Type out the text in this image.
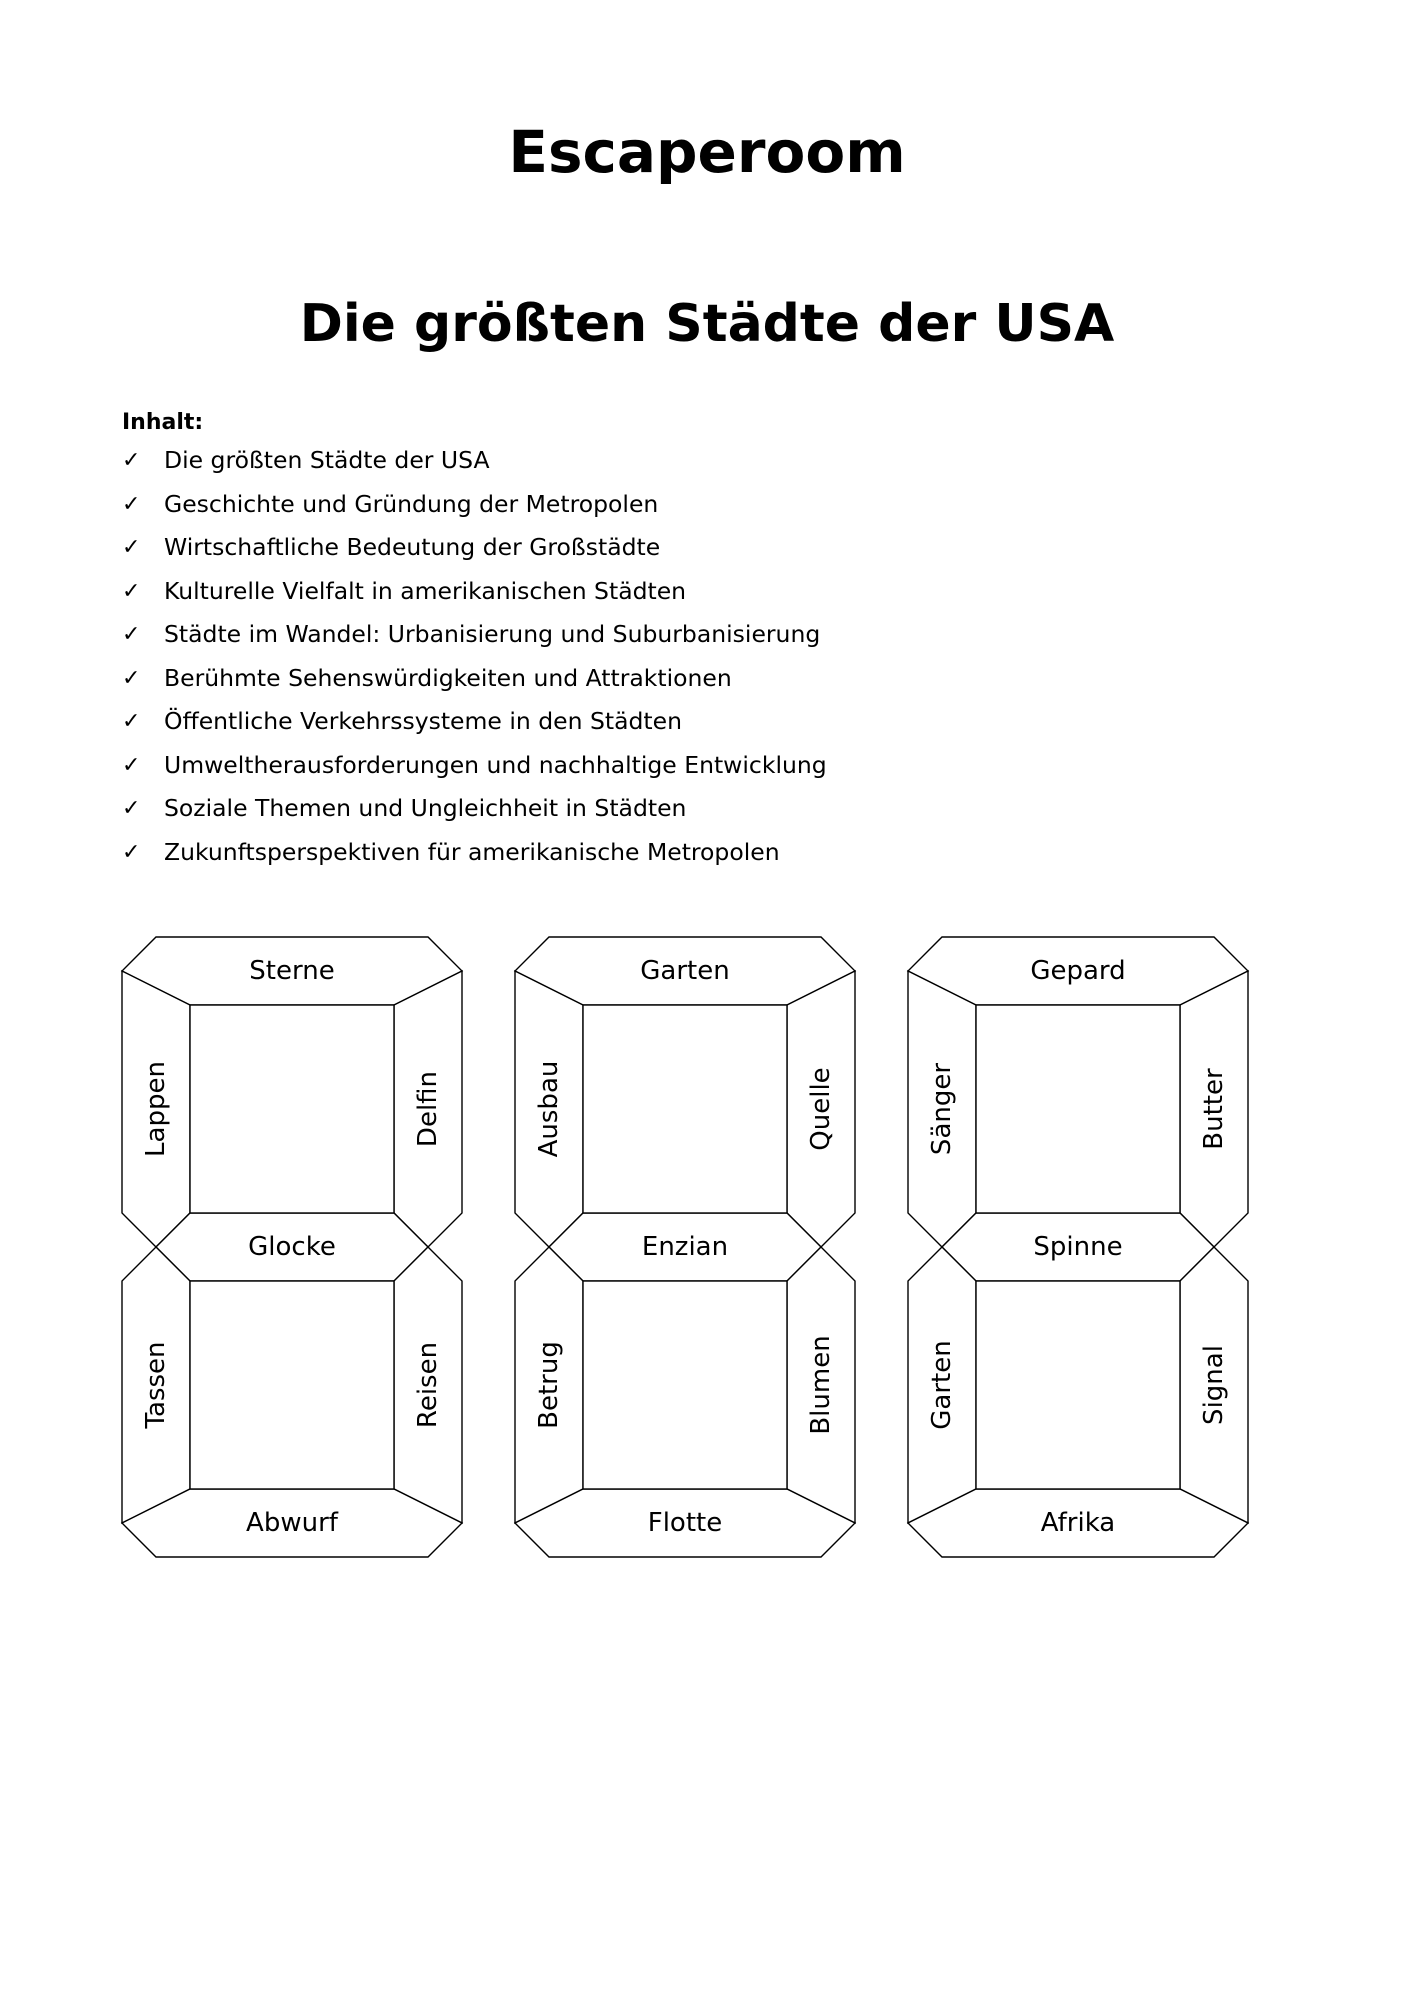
Escaperoom
Die größten Städte der USA

Inhalt:

✓ Die größten Städte der USA
✓ Geschichte und Gründung der Metropolen
✓ Wirtschaftliche Bedeutung der Großstädte
✓ Kulturelle Vielfalt in amerikanischen Städten
✓ Städte im Wandel: Urbanisierung und Suburbanisierung
✓ Berühmte Sehenswürdigkeiten und Attraktionen
✓ Öffentliche Verkehrssysteme in den Städten
✓ Umweltherausforderungen und nachhaltige Entwicklung
✓ Soziale Themen und Ungleichheit in Städten
✓ Zukunftsperspektiven für amerikanische Metropolen
Sterne
Lappen	Delfin
Glocke
Tassen	Reisen
Abwurf
Garten
Ausbau	Quelle
Enzian
Betrug	Blumen
Flotte
Gepard
Sänger	Butter
Spinne
Garten	Signal
Afrika
